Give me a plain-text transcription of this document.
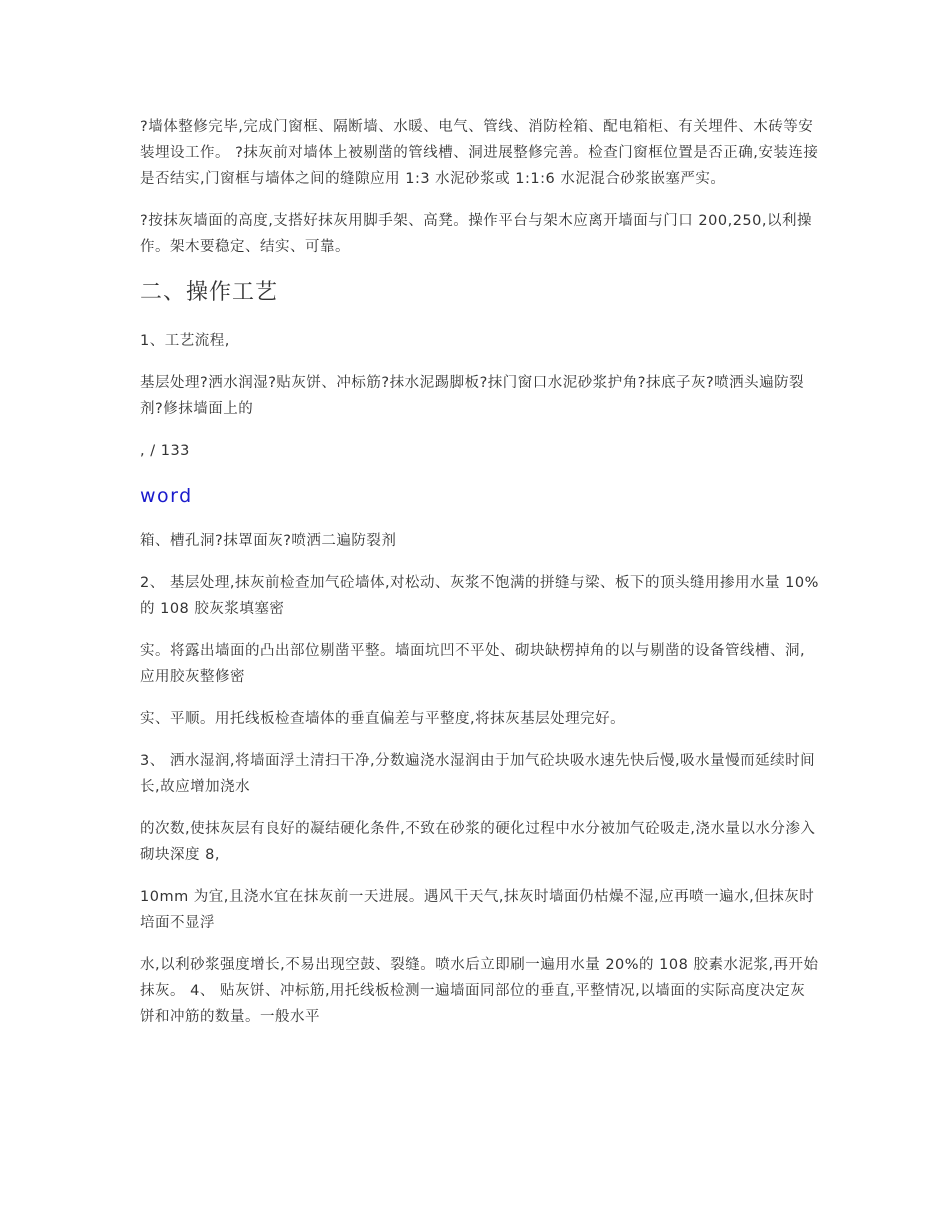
?墙体整修完毕,完成门窗框、隔断墙、水暖、电气、管线、消防栓箱、配电箱柜、有关埋件、木砖等安装埋设工作。 ?抹灰前对墙体上被剔凿的管线槽、洞进展整修完善。检查门窗框位置是否正确,安装连接是否结实,门窗框与墙体之间的缝隙应用 1:3 水泥砂浆或 1:1:6 水泥混合砂浆嵌塞严实。

?按抹灰墙面的高度,支搭好抹灰用脚手架、高凳。操作平台与架木应离开墙面与门口 200,250,以利操作。架木要稳定、结实、可靠。

二、操作工艺

1、工艺流程,

基层处理?洒水润湿?贴灰饼、冲标筋?抹水泥踢脚板?抹门窗口水泥砂浆护角?抹底子灰?喷洒头遍防裂剂?修抹墙面上的

, / 133

word

箱、槽孔洞?抹罩面灰?喷洒二遍防裂剂

2、 基层处理,抹灰前检查加气砼墙体,对松动、灰浆不饱满的拼缝与梁、板下的顶头缝用掺用水量 10%的 108 胶灰浆填塞密

实。将露出墙面的凸出部位剔凿平整。墙面坑凹不平处、砌块缺楞掉角的以与剔凿的设备管线槽、洞,应用胶灰整修密

实、平顺。用托线板检查墙体的垂直偏差与平整度,将抹灰基层处理完好。

3、 洒水湿润,将墙面浮土清扫干净,分数遍浇水湿润由于加气砼块吸水速先快后慢,吸水量慢而延续时间长,故应增加浇水

的次数,使抹灰层有良好的凝结硬化条件,不致在砂浆的硬化过程中水分被加气砼吸走,浇水量以水分渗入砌块深度 8,

10mm 为宜,且浇水宜在抹灰前一天进展。遇风干天气,抹灰时墙面仍枯燥不湿,应再喷一遍水,但抹灰时培面不显浮

水,以利砂浆强度增长,不易出现空鼓、裂缝。喷水后立即刷一遍用水量 20%的 108 胶素水泥浆,再开始抹灰。 4、 贴灰饼、冲标筋,用托线板检测一遍墙面同部位的垂直,平整情况,以墙面的实际高度决定灰饼和冲筋的数量。一般水平
